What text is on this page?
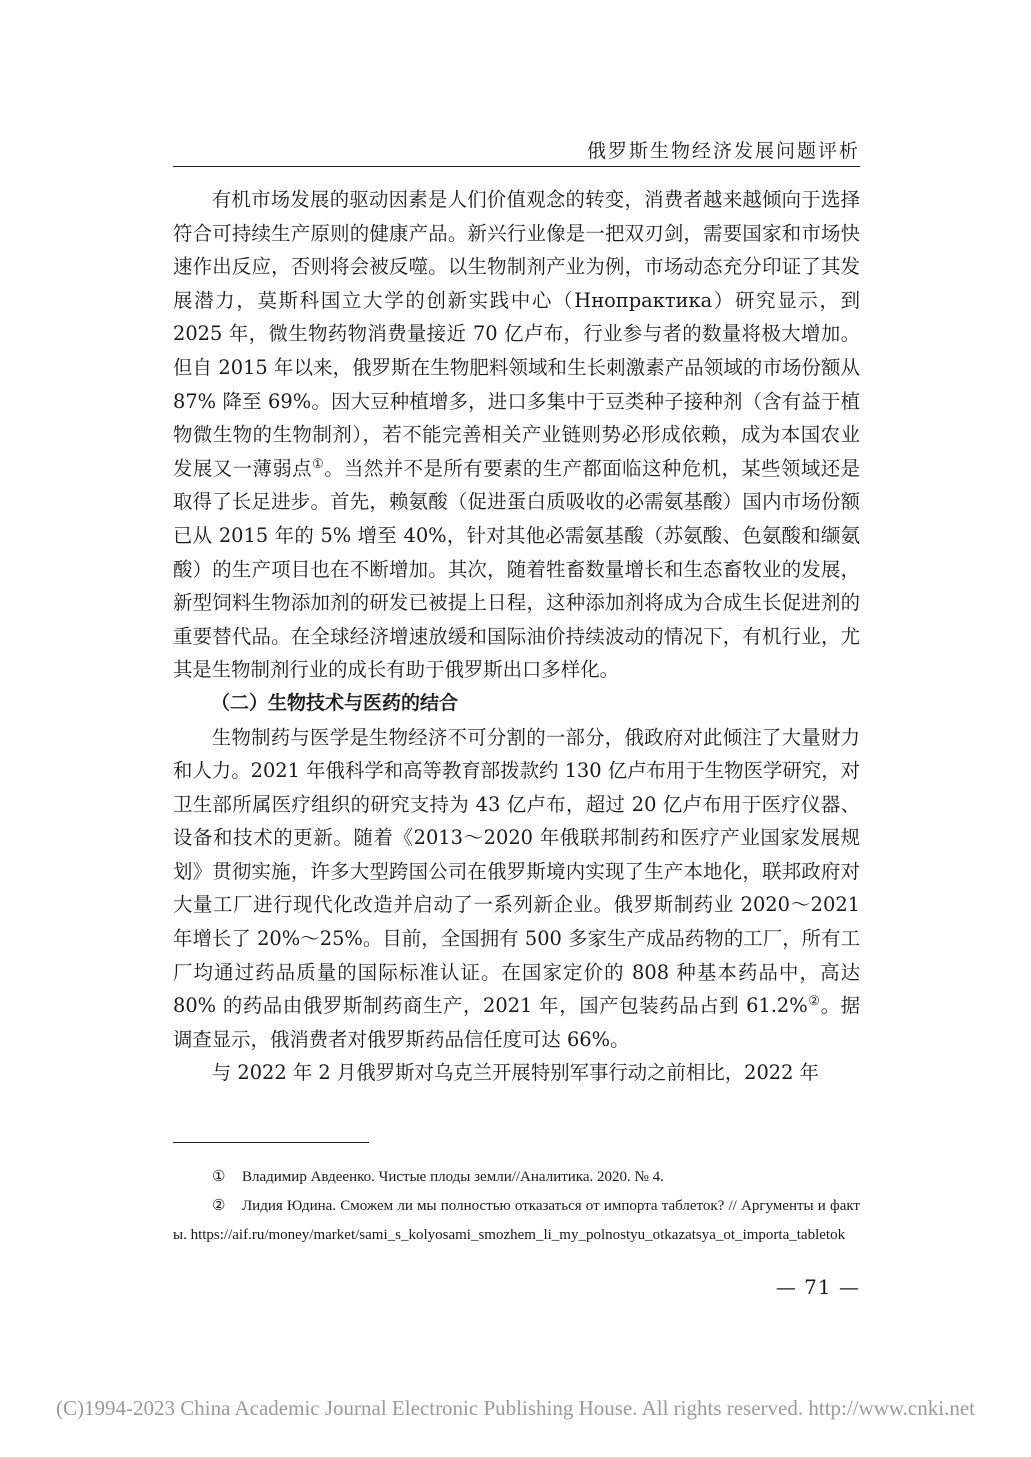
俄罗斯生物经济发展问题评析

有机市场发展的驱动因素是人们价值观念的转变，消费者越来越倾向于选择符合可持续生产原则的健康产品。新兴行业像是一把双刃剑，需要国家和市场快速作出反应，否则将会被反噬。以生物制剂产业为例，市场动态充分印证了其发展潜力，莫斯科国立大学的创新实践中心（Ннопрактика）研究显示，到 2025 年，微生物药物消费量接近 70 亿卢布，行业参与者的数量将极大增加。但自 2015 年以来，俄罗斯在生物肥料领域和生长刺激素产品领域的市场份额从 87% 降至 69%。因大豆种植增多，进口多集中于豆类种子接种剂（含有益于植物微生物的生物制剂），若不能完善相关产业链则势必形成依赖，成为本国农业发展又一薄弱点①。当然并不是所有要素的生产都面临这种危机，某些领域还是取得了长足进步。首先，赖氨酸（促进蛋白质吸收的必需氨基酸）国内市场份额已从 2015 年的 5% 增至 40%，针对其他必需氨基酸（苏氨酸、色氨酸和缬氨酸）的生产项目也在不断增加。其次，随着牲畜数量增长和生态畜牧业的发展，新型饲料生物添加剂的研发已被提上日程，这种添加剂将成为合成生长促进剂的重要替代品。在全球经济增速放缓和国际油价持续波动的情况下，有机行业，尤其是生物制剂行业的成长有助于俄罗斯出口多样化。

（二）生物技术与医药的结合

生物制药与医学是生物经济不可分割的一部分，俄政府对此倾注了大量财力和人力。2021 年俄科学和高等教育部拨款约 130 亿卢布用于生物医学研究，对卫生部所属医疗组织的研究支持为 43 亿卢布，超过 20 亿卢布用于医疗仪器、设备和技术的更新。随着《2013～2020 年俄联邦制药和医疗产业国家发展规划》贯彻实施，许多大型跨国公司在俄罗斯境内实现了生产本地化，联邦政府对大量工厂进行现代化改造并启动了一系列新企业。俄罗斯制药业 2020～2021 年增长了 20%～25%。目前，全国拥有 500 多家生产成品药物的工厂，所有工厂均通过药品质量的国际标准认证。在国家定价的 808 种基本药品中，高达 80% 的药品由俄罗斯制药商生产，2021 年，国产包装药品占到 61.2%②。据调查显示，俄消费者对俄罗斯药品信任度可达 66%。

与 2022 年 2 月俄罗斯对乌克兰开展特别军事行动之前相比，2022 年

① Владимир Авдеенко. Чистые плоды земли//Аналитика. 2020. № 4.

② Лидия Юдина. Сможем ли мы полностью отказаться от импорта таблеток? // Аргументы и факты. https://aif.ru/money/market/sami_s_kolyosami_smozhem_li_my_polnostyu_otkazatsya_ot_importa_tabletok

— 71 —
(C)1994-2023 China Academic Journal Electronic Publishing House. All rights reserved. http://www.cnki.net
